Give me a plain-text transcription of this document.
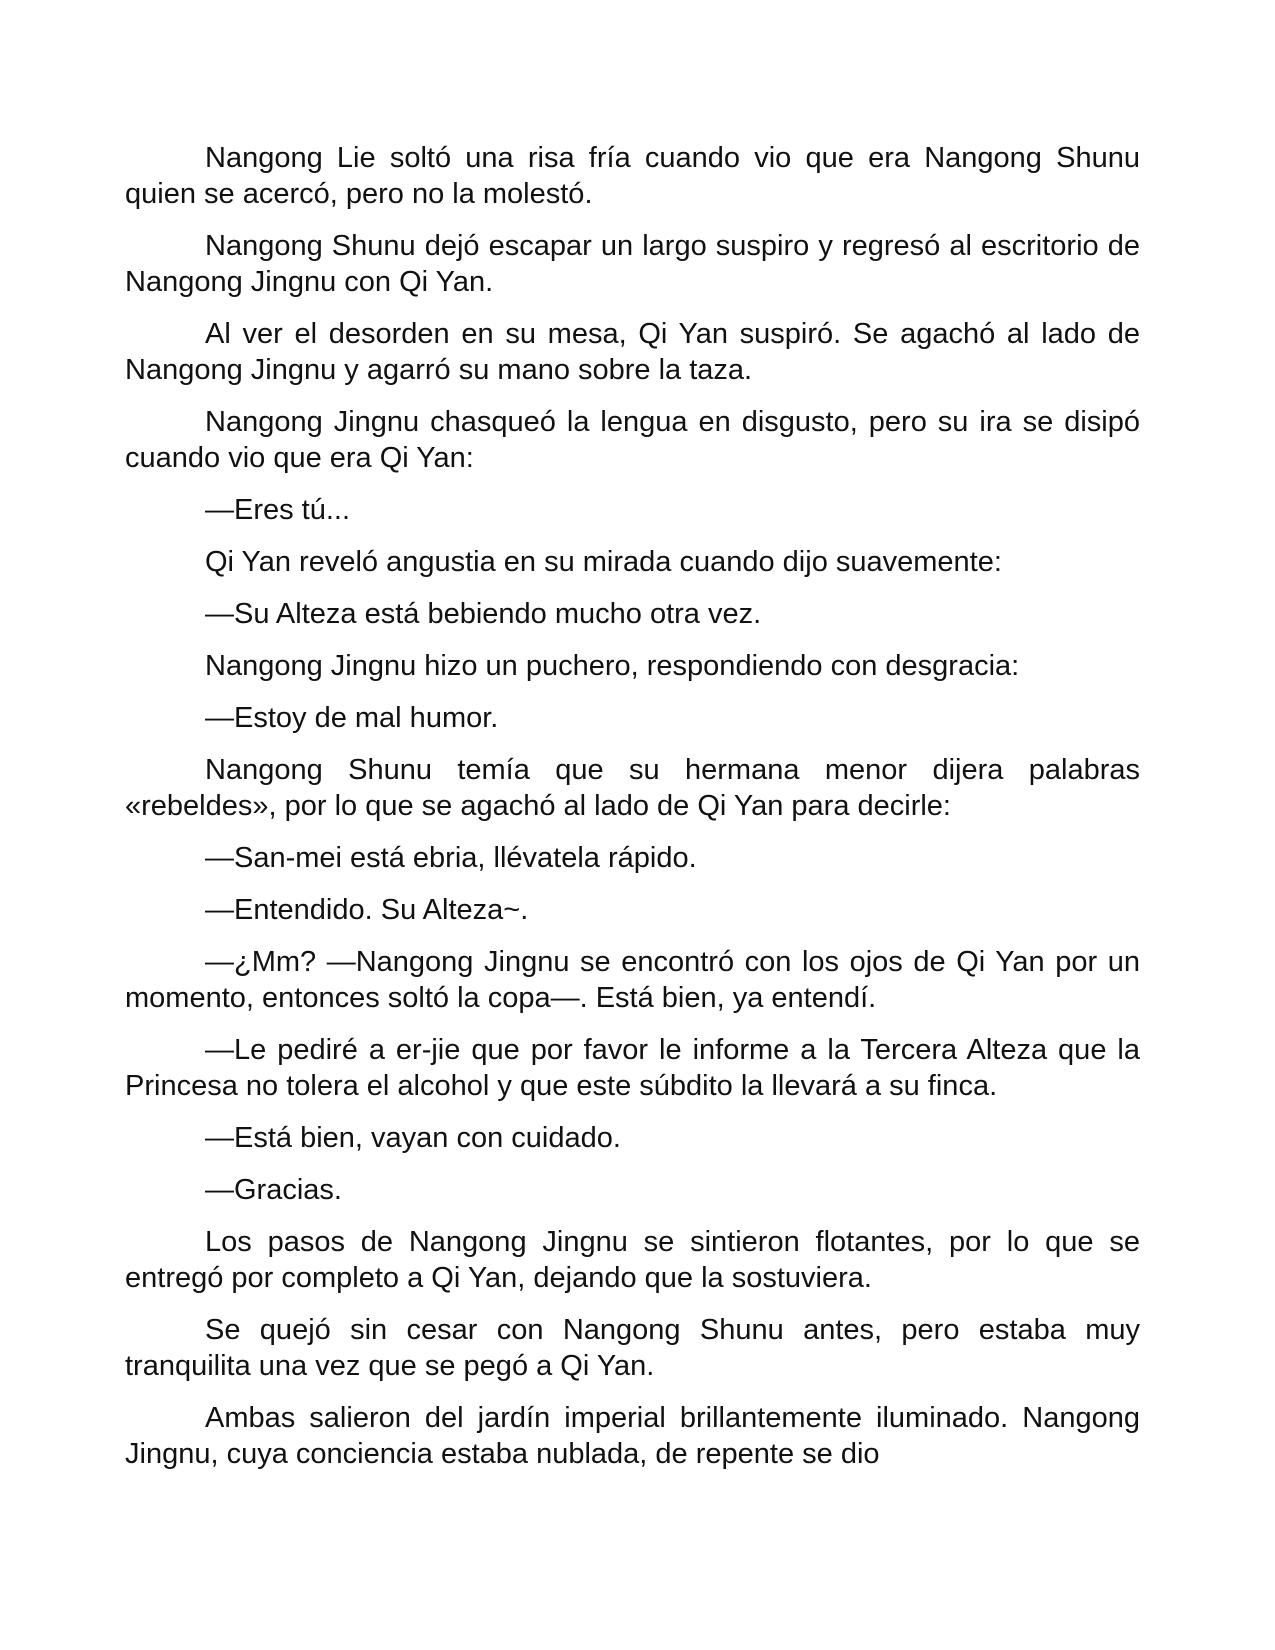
Nangong Lie soltó una risa fría cuando vio que era Nangong Shunu quien se acercó, pero no la molestó.

Nangong Shunu dejó escapar un largo suspiro y regresó al escritorio de Nangong Jingnu con Qi Yan.

Al ver el desorden en su mesa, Qi Yan suspiró. Se agachó al lado de Nangong Jingnu y agarró su mano sobre la taza.

Nangong Jingnu chasqueó la lengua en disgusto, pero su ira se disipó cuando vio que era Qi Yan:

—Eres tú...

Qi Yan reveló angustia en su mirada cuando dijo suavemente:

—Su Alteza está bebiendo mucho otra vez.

Nangong Jingnu hizo un puchero, respondiendo con desgracia:

—Estoy de mal humor.

Nangong Shunu temía que su hermana menor dijera palabras «rebeldes», por lo que se agachó al lado de Qi Yan para decirle:

—San-mei está ebria, llévatela rápido.

—Entendido. Su Alteza~.

—¿Mm? —Nangong Jingnu se encontró con los ojos de Qi Yan por un momento, entonces soltó la copa—. Está bien, ya entendí.

—Le pediré a er-jie que por favor le informe a la Tercera Alteza que la Princesa no tolera el alcohol y que este súbdito la llevará a su finca.

—Está bien, vayan con cuidado.

—Gracias.

Los pasos de Nangong Jingnu se sintieron flotantes, por lo que se entregó por completo a Qi Yan, dejando que la sostuviera.

Se quejó sin cesar con Nangong Shunu antes, pero estaba muy tranquilita una vez que se pegó a Qi Yan.

Ambas salieron del jardín imperial brillantemente iluminado. Nangong Jingnu, cuya conciencia estaba nublada, de repente se dio
